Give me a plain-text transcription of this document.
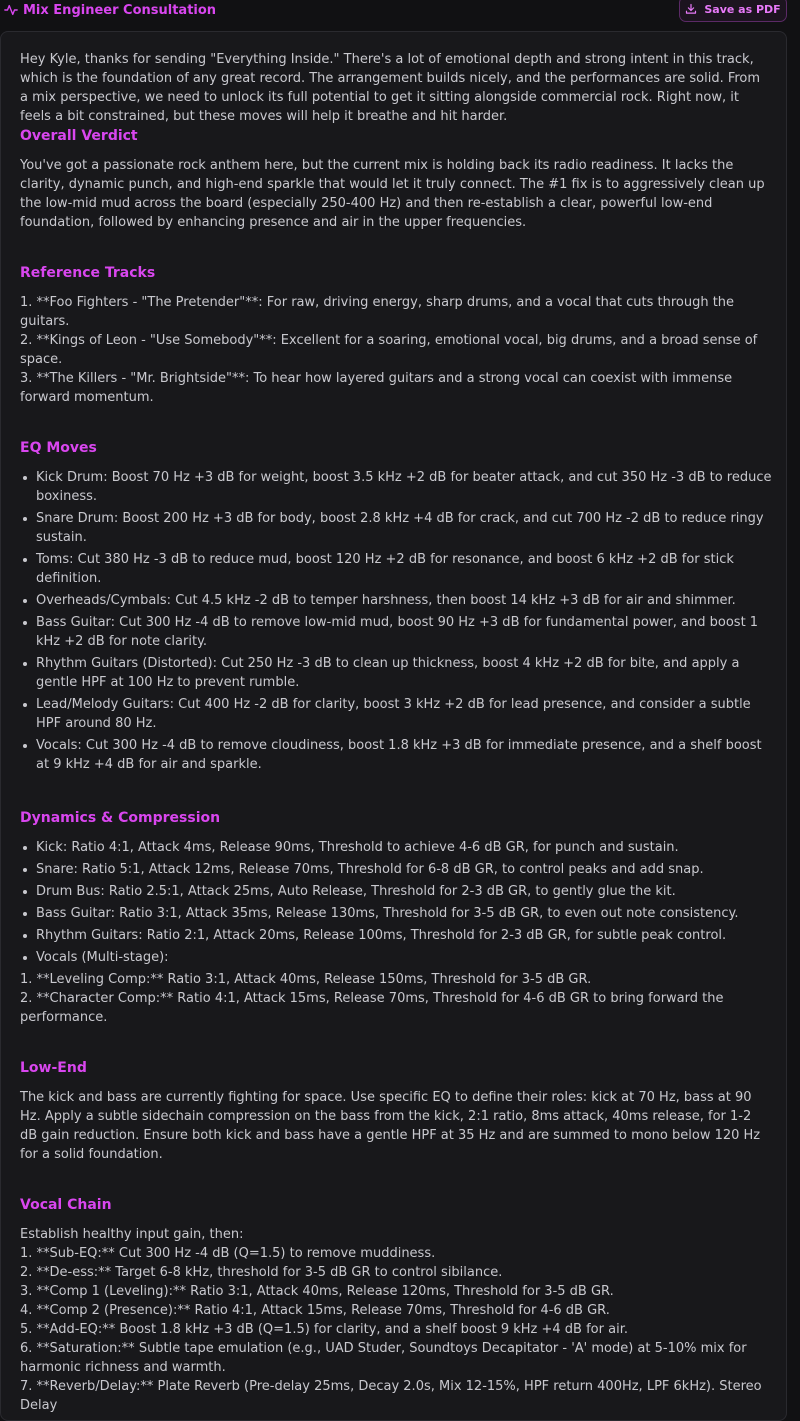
Mix Engineer Consultation	Save as PDF

Hey Kyle, thanks for sending "Everything Inside." There's a lot of emotional depth and strong intent in this track, which is the foundation of any great record. The arrangement builds nicely, and the performances are solid. From a mix perspective, we need to unlock its full potential to get it sitting alongside commercial rock. Right now, it feels a bit constrained, but these moves will help it breathe and hit harder.

Overall Verdict

You've got a passionate rock anthem here, but the current mix is holding back its radio readiness. It lacks the clarity, dynamic punch, and high-end sparkle that would let it truly connect. The #1 fix is to aggressively clean up the low-mid mud across the board (especially 250-400 Hz) and then re-establish a clear, powerful low-end foundation, followed by enhancing presence and air in the upper frequencies.

Reference Tracks

1. **Foo Fighters - "The Pretender"**: For raw, driving energy, sharp drums, and a vocal that cuts through the guitars.

2. **Kings of Leon - "Use Somebody"**: Excellent for a soaring, emotional vocal, big drums, and a broad sense of space.

3. **The Killers - "Mr. Brightside"**: To hear how layered guitars and a strong vocal can coexist with immense forward momentum.

EQ Moves
Kick Drum: Boost 70 Hz +3 dB for weight, boost 3.5 kHz +2 dB for beater attack, and cut 350 Hz -3 dB to reduce boxiness.
Snare Drum: Boost 200 Hz +3 dB for body, boost 2.8 kHz +4 dB for crack, and cut 700 Hz -2 dB to reduce ringy sustain.
Toms: Cut 380 Hz -3 dB to reduce mud, boost 120 Hz +2 dB for resonance, and boost 6 kHz +2 dB for stick definition.
Overheads/Cymbals: Cut 4.5 kHz -2 dB to temper harshness, then boost 14 kHz +3 dB for air and shimmer.
Bass Guitar: Cut 300 Hz -4 dB to remove low-mid mud, boost 90 Hz +3 dB for fundamental power, and boost 1 kHz +2 dB for note clarity.
Rhythm Guitars (Distorted): Cut 250 Hz -3 dB to clean up thickness, boost 4 kHz +2 dB for bite, and apply a gentle HPF at 100 Hz to prevent rumble.
Lead/Melody Guitars: Cut 400 Hz -2 dB for clarity, boost 3 kHz +2 dB for lead presence, and consider a subtle HPF around 80 Hz.
Vocals: Cut 300 Hz -4 dB to remove cloudiness, boost 1.8 kHz +3 dB for immediate presence, and a shelf boost at 9 kHz +4 dB for air and sparkle.
Dynamics & Compression
Kick: Ratio 4:1, Attack 4ms, Release 90ms, Threshold to achieve 4-6 dB GR, for punch and sustain.
Snare: Ratio 5:1, Attack 12ms, Release 70ms, Threshold for 6-8 dB GR, to control peaks and add snap.
Drum Bus: Ratio 2.5:1, Attack 25ms, Auto Release, Threshold for 2-3 dB GR, to gently glue the kit.
Bass Guitar: Ratio 3:1, Attack 35ms, Release 130ms, Threshold for 3-5 dB GR, to even out note consistency.
Rhythm Guitars: Ratio 2:1, Attack 20ms, Release 100ms, Threshold for 2-3 dB GR, for subtle peak control.
Vocals (Multi-stage):

1. **Leveling Comp:** Ratio 3:1, Attack 40ms, Release 150ms, Threshold for 3-5 dB GR.

2. **Character Comp:** Ratio 4:1, Attack 15ms, Release 70ms, Threshold for 4-6 dB GR to bring forward the performance.

Low-End

The kick and bass are currently fighting for space. Use specific EQ to define their roles: kick at 70 Hz, bass at 90 Hz. Apply a subtle sidechain compression on the bass from the kick, 2:1 ratio, 8ms attack, 40ms release, for 1-2 dB gain reduction. Ensure both kick and bass have a gentle HPF at 35 Hz and are summed to mono below 120 Hz for a solid foundation.

Vocal Chain

Establish healthy input gain, then:

1. **Sub-EQ:** Cut 300 Hz -4 dB (Q=1.5) to remove muddiness.

2. **De-ess:** Target 6-8 kHz, threshold for 3-5 dB GR to control sibilance.

3. **Comp 1 (Leveling):** Ratio 3:1, Attack 40ms, Release 120ms, Threshold for 3-5 dB GR.

4. **Comp 2 (Presence):** Ratio 4:1, Attack 15ms, Release 70ms, Threshold for 4-6 dB GR.

5. **Add-EQ:** Boost 1.8 kHz +3 dB (Q=1.5) for clarity, and a shelf boost 9 kHz +4 dB for air.

6. **Saturation:** Subtle tape emulation (e.g., UAD Studer, Soundtoys Decapitator - 'A' mode) at 5-10% mix for harmonic richness and warmth.

7. **Reverb/Delay:** Plate Reverb (Pre-delay 25ms, Decay 2.0s, Mix 12-15%, HPF return 400Hz, LPF 6kHz). Stereo Delay
